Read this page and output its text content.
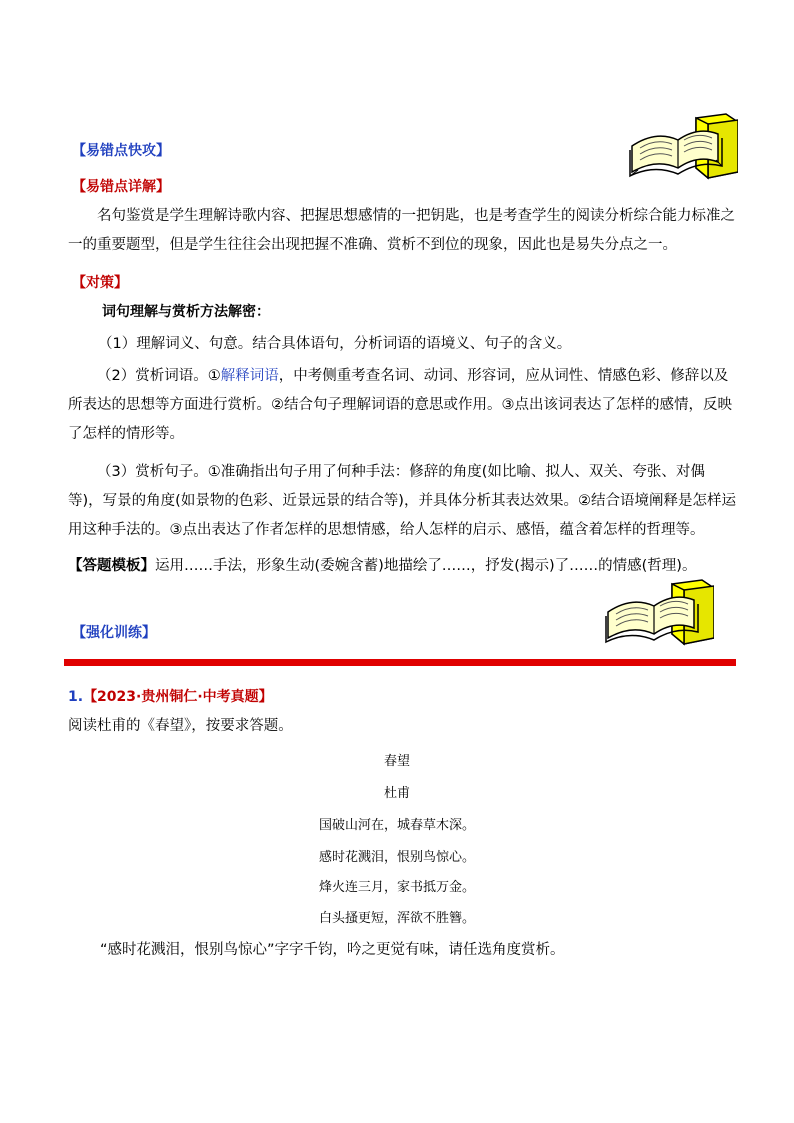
【易错点快攻】
【易错点详解】
名句鉴赏是学生理解诗歌内容、把握思想感情的一把钥匙，也是考查学生的阅读分析综合能力标准之一的重要题型，但是学生往往会出现把握不准确、赏析不到位的现象，因此也是易失分点之一。
【对策】
词句理解与赏析方法解密：
（1）理解词义、句意。结合具体语句，分析词语的语境义、句子的含义。
（2）赏析词语。①解释词语，中考侧重考查名词、动词、形容词，应从词性、情感色彩、修辞以及所表达的思想等方面进行赏析。②结合句子理解词语的意思或作用。③点出该词表达了怎样的感情，反映了怎样的情形等。
（3）赏析句子。①准确指出句子用了何种手法：修辞的角度(如比喻、拟人、双关、夸张、对偶等)，写景的角度(如景物的色彩、近景远景的结合等)，并具体分析其表达效果。②结合语境阐释是怎样运用这种手法的。③点出表达了作者怎样的思想情感，给人怎样的启示、感悟，蕴含着怎样的哲理等。
【答题模板】运用……手法，形象生动(委婉含蓄)地描绘了……，抒发(揭示)了……的情感(哲理)。
【强化训练】
1.【2023·贵州铜仁·中考真题】
阅读杜甫的《春望》，按要求答题。
春望
杜甫
国破山河在，城春草木深。
感时花溅泪，恨别鸟惊心。
烽火连三月，家书抵万金。
白头搔更短，浑欲不胜簪。
“感时花溅泪，恨别鸟惊心”字字千钧，吟之更觉有味，请任选角度赏析。
